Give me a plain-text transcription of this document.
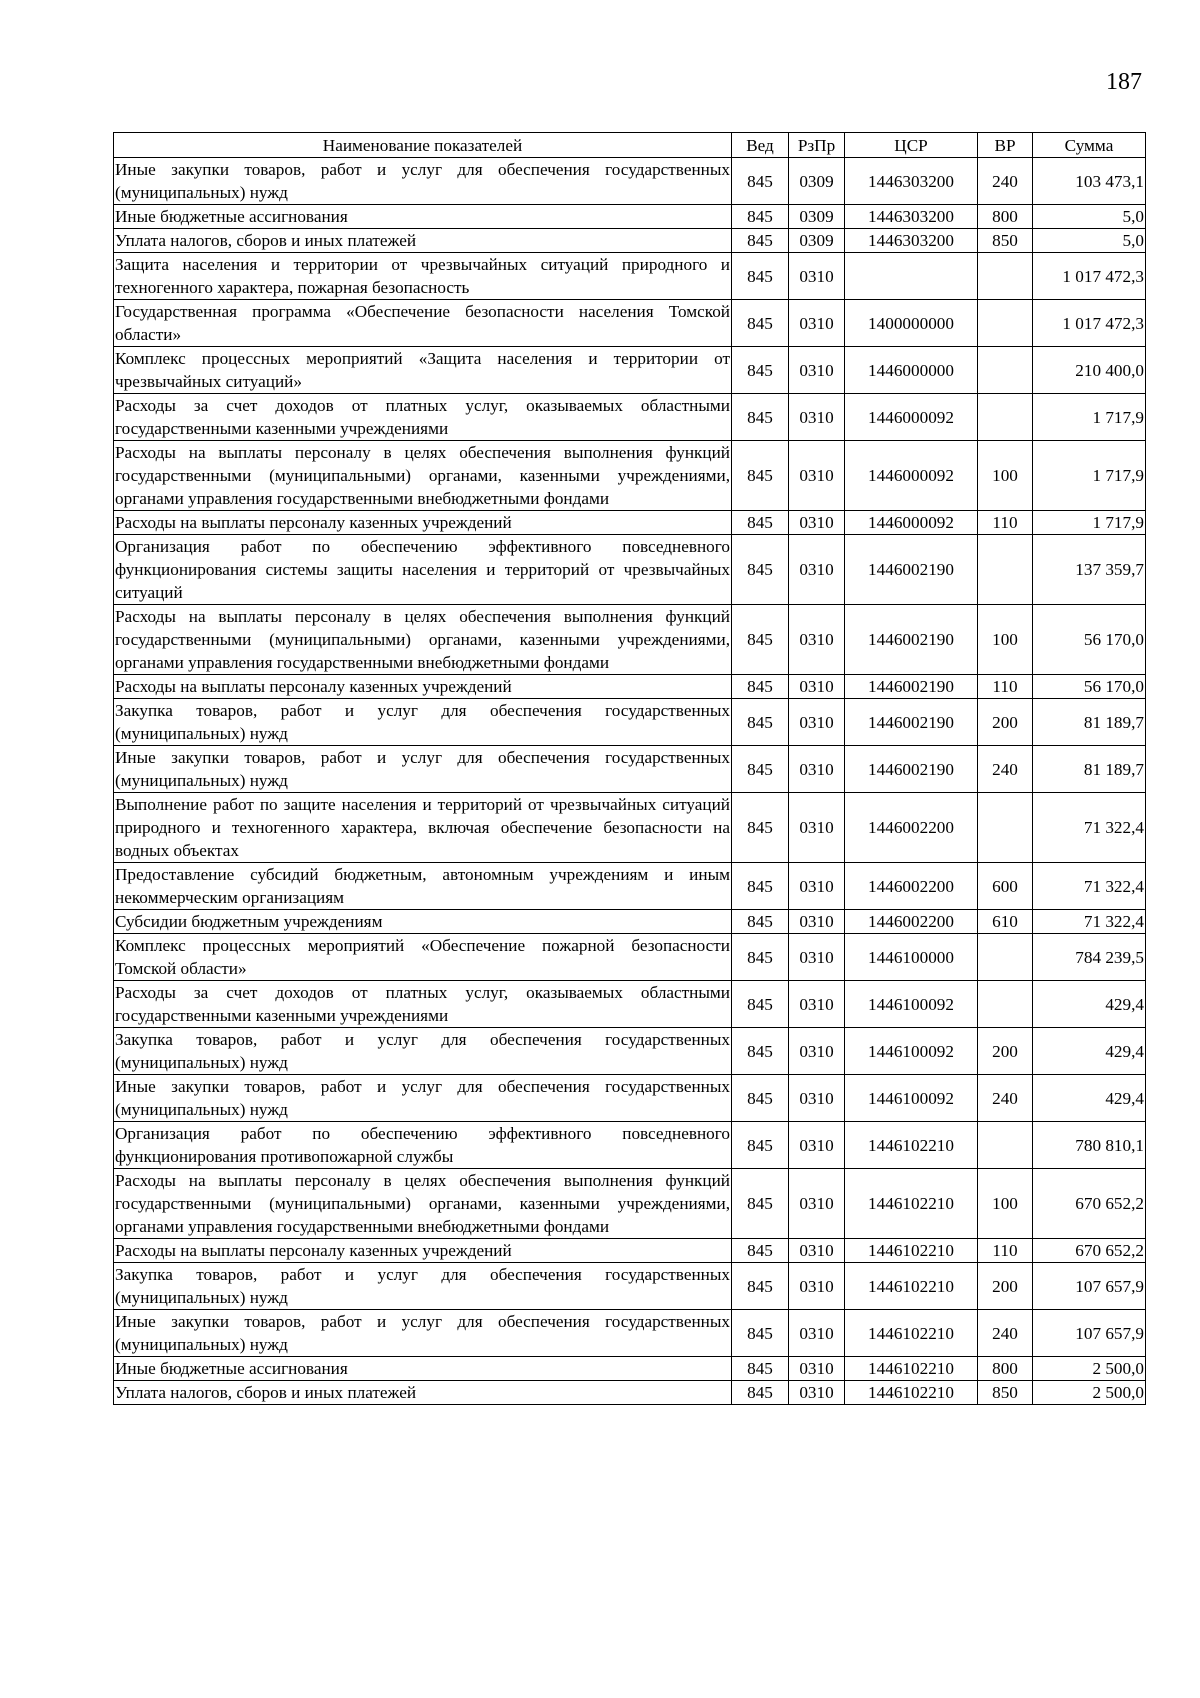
187
Наименование показателей	Вед	РзПр	ЦСР	ВР	Сумма
Иные закупки товаров, работ и услуг для обеспечения государственных (муниципальных) нужд	845	0309	1446303200	240	103 473,1
Иные бюджетные ассигнования	845	0309	1446303200	800	5,0
Уплата налогов, сборов и иных платежей	845	0309	1446303200	850	5,0
Защита населения и территории от чрезвычайных ситуаций природного и техногенного характера, пожарная безопасность	845	0310			1 017 472,3
Государственная программа «Обеспечение безопасности населения Томской области»	845	0310	1400000000		1 017 472,3
Комплекс процессных мероприятий «Защита населения и территории от чрезвычайных ситуаций»	845	0310	1446000000		210 400,0
Расходы за счет доходов от платных услуг, оказываемых областными государственными казенными учреждениями	845	0310	1446000092		1 717,9
Расходы на выплаты персоналу в целях обеспечения выполнения функций государственными (муниципальными) органами, казенными учреждениями, органами управления государственными внебюджетными фондами	845	0310	1446000092	100	1 717,9
Расходы на выплаты персоналу казенных учреждений	845	0310	1446000092	110	1 717,9
Организация работ по обеспечению эффективного повседневного функционирования системы защиты населения и территорий от чрезвычайных ситуаций	845	0310	1446002190		137 359,7
Расходы на выплаты персоналу в целях обеспечения выполнения функций государственными (муниципальными) органами, казенными учреждениями, органами управления государственными внебюджетными фондами	845	0310	1446002190	100	56 170,0
Расходы на выплаты персоналу казенных учреждений	845	0310	1446002190	110	56 170,0
Закупка товаров, работ и услуг для обеспечения государственных (муниципальных) нужд	845	0310	1446002190	200	81 189,7
Иные закупки товаров, работ и услуг для обеспечения государственных (муниципальных) нужд	845	0310	1446002190	240	81 189,7
Выполнение работ по защите населения и территорий от чрезвычайных ситуаций природного и техногенного характера, включая обеспечение безопасности на водных объектах	845	0310	1446002200		71 322,4
Предоставление субсидий бюджетным, автономным учреждениям и иным некоммерческим организациям	845	0310	1446002200	600	71 322,4
Субсидии бюджетным учреждениям	845	0310	1446002200	610	71 322,4
Комплекс процессных мероприятий «Обеспечение пожарной безопасности Томской области»	845	0310	1446100000		784 239,5
Расходы за счет доходов от платных услуг, оказываемых областными государственными казенными учреждениями	845	0310	1446100092		429,4
Закупка товаров, работ и услуг для обеспечения государственных (муниципальных) нужд	845	0310	1446100092	200	429,4
Иные закупки товаров, работ и услуг для обеспечения государственных (муниципальных) нужд	845	0310	1446100092	240	429,4
Организация работ по обеспечению эффективного повседневного функционирования противопожарной службы	845	0310	1446102210		780 810,1
Расходы на выплаты персоналу в целях обеспечения выполнения функций государственными (муниципальными) органами, казенными учреждениями, органами управления государственными внебюджетными фондами	845	0310	1446102210	100	670 652,2
Расходы на выплаты персоналу казенных учреждений	845	0310	1446102210	110	670 652,2
Закупка товаров, работ и услуг для обеспечения государственных (муниципальных) нужд	845	0310	1446102210	200	107 657,9
Иные закупки товаров, работ и услуг для обеспечения государственных (муниципальных) нужд	845	0310	1446102210	240	107 657,9
Иные бюджетные ассигнования	845	0310	1446102210	800	2 500,0
Уплата налогов, сборов и иных платежей	845	0310	1446102210	850	2 500,0
